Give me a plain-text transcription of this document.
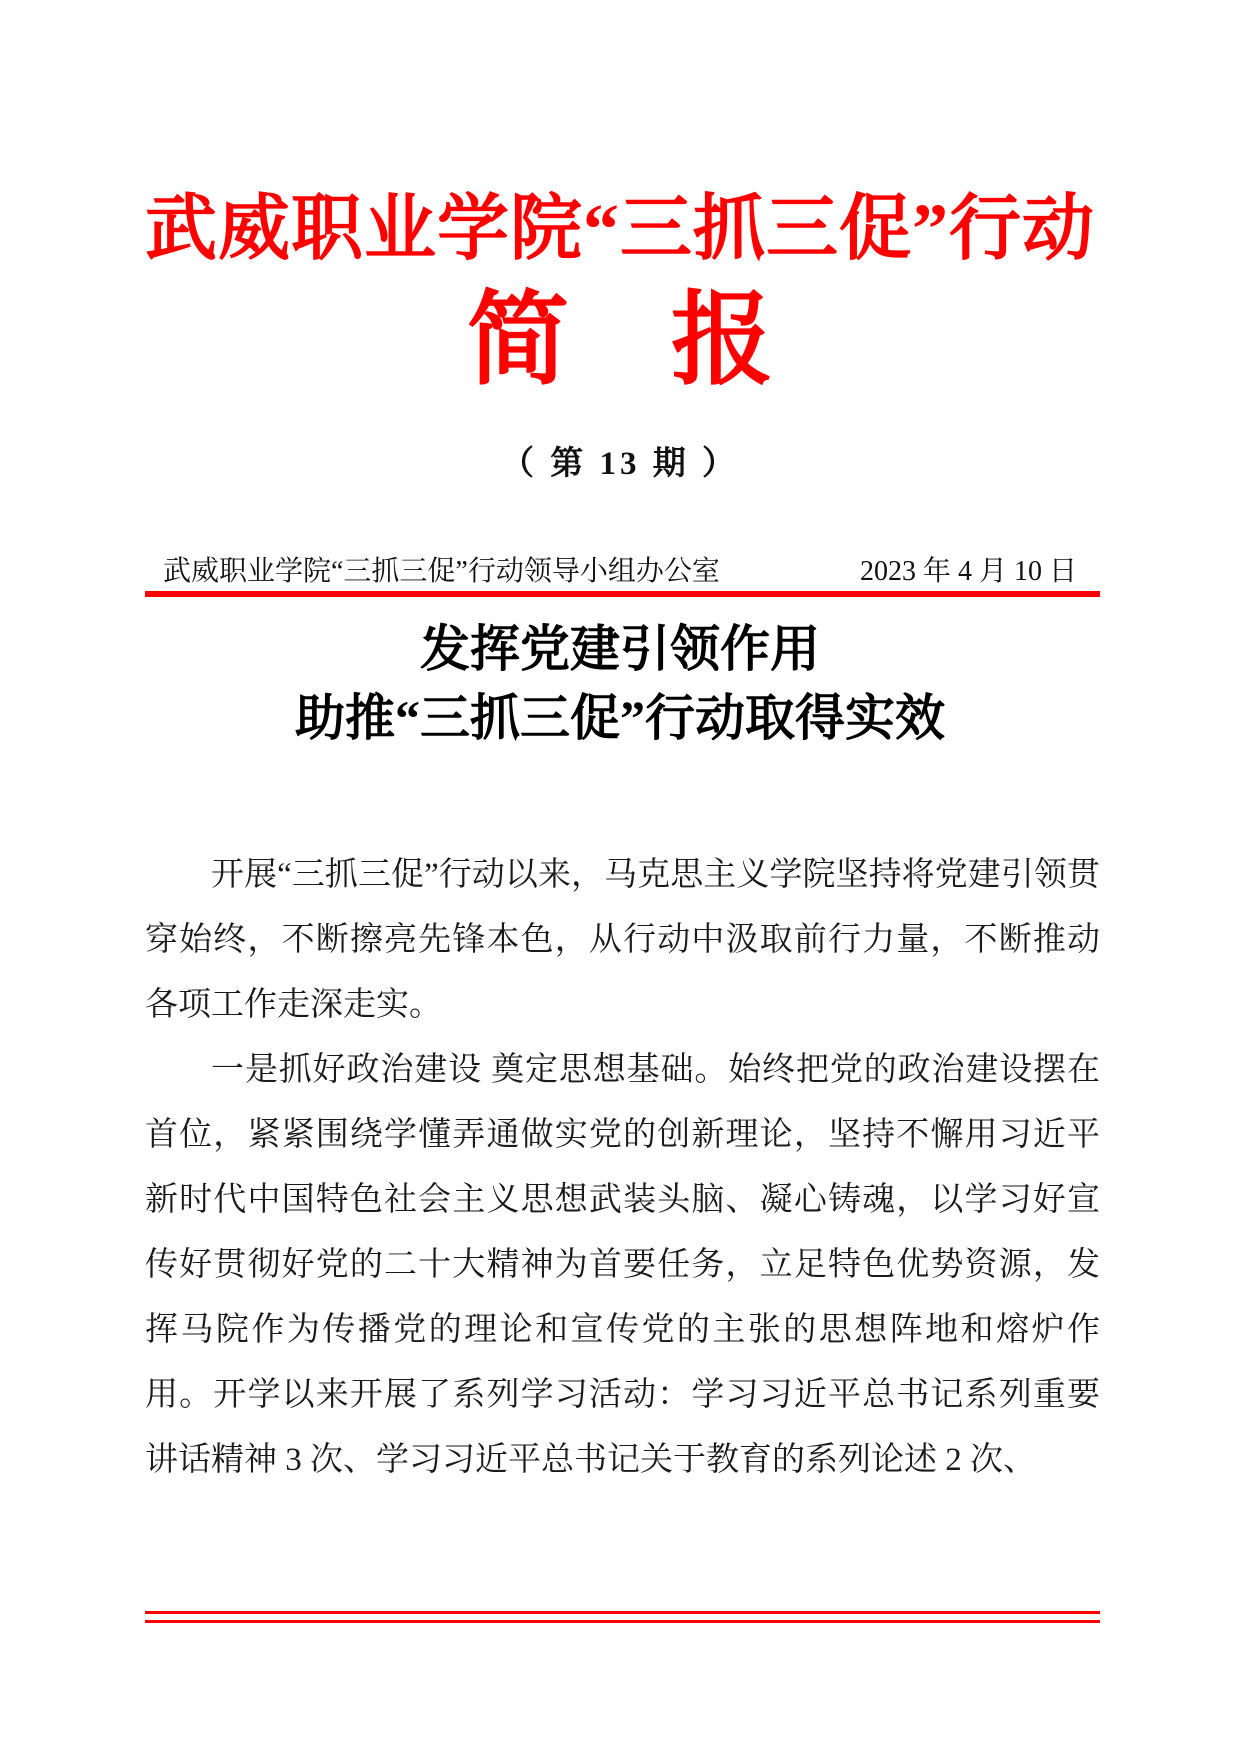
武威职业学院“三抓三促”行动
简　报
（ 第 13 期 ）
武威职业学院“三抓三促”行动领导小组办公室	2023 年 4 月 10 日
发挥党建引领作用
助推“三抓三促”行动取得实效

开展“三抓三促”行动以来，马克思主义学院坚持将党建引领贯穿始终，不断擦亮先锋本色，从行动中汲取前行力量，不断推动各项工作走深走实。

一是抓好政治建设 奠定思想基础。始终把党的政治建设摆在首位，紧紧围绕学懂弄通做实党的创新理论，坚持不懈用习近平新时代中国特色社会主义思想武装头脑、凝心铸魂，以学习好宣传好贯彻好党的二十大精神为首要任务，立足特色优势资源，发挥马院作为传播党的理论和宣传党的主张的思想阵地和熔炉作用。开学以来开展了系列学习活动：学习习近平总书记系列重要讲话精神 3 次、学习习近平总书记关于教育的系列论述 2 次、
